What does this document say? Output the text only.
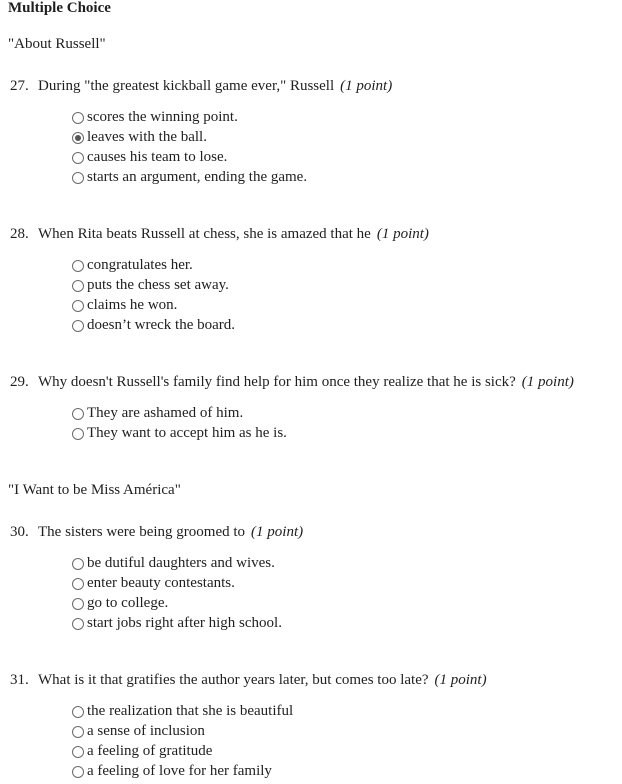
Multiple Choice
"About Russell"
27. During "the greatest kickball game ever," Russell (1 point)
scores the winning point.
leaves with the ball.
causes his team to lose.
starts an argument, ending the game.
28. When Rita beats Russell at chess, she is amazed that he (1 point)
congratulates her.
puts the chess set away.
claims he won.
doesn’t wreck the board.
29. Why doesn't Russell's family find help for him once they realize that he is sick? (1 point)
They are ashamed of him.
They want to accept him as he is.
"I Want to be Miss América"
30. The sisters were being groomed to (1 point)
be dutiful daughters and wives.
enter beauty contestants.
go to college.
start jobs right after high school.
31. What is it that gratifies the author years later, but comes too late? (1 point)
the realization that she is beautiful
a sense of inclusion
a feeling of gratitude
a feeling of love for her family
